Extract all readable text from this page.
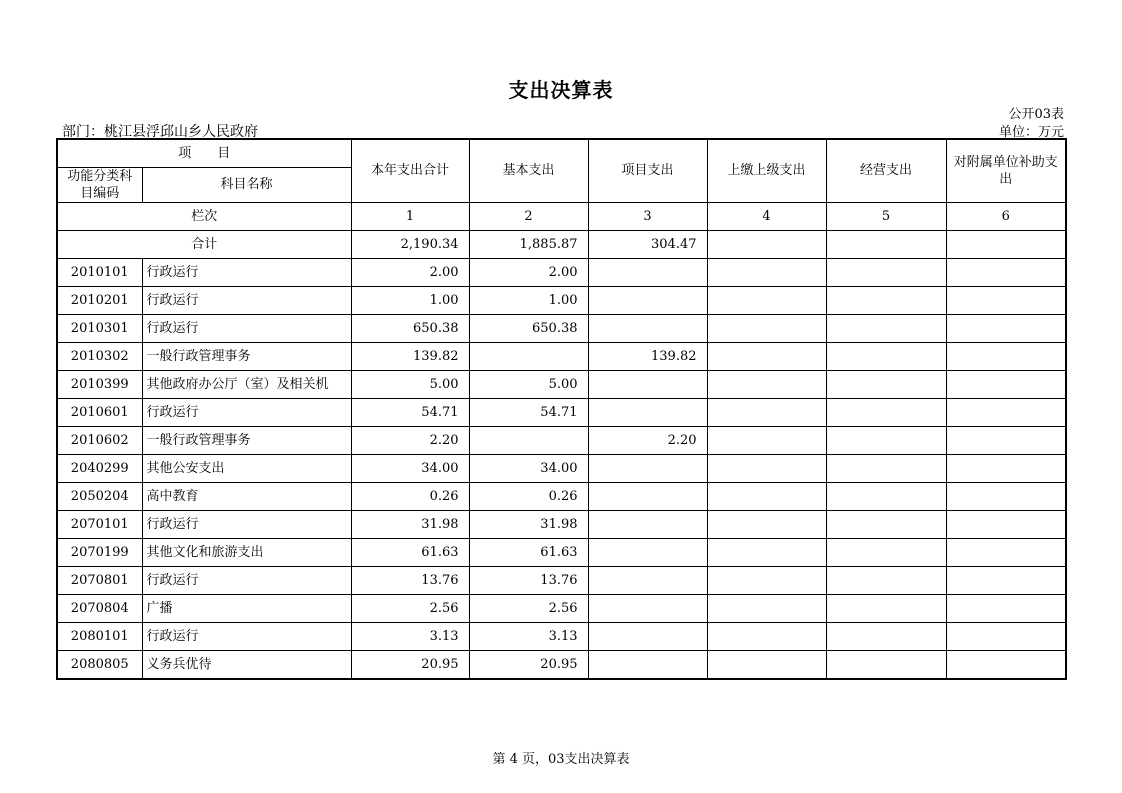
支出决算表
公开03表
部门：桃江县浮邱山乡人民政府	单位：万元
项　　目		本年支出合计	基本支出	项目支出	上缴上级支出	经营支出	对附属单位补助支出
功能分类科目编码	科目名称						
栏次		1	2	3	4	5	6
合计		2,190.34	1,885.87	304.47			
2010101	行政运行	2.00	2.00				
2010201	行政运行	1.00	1.00				
2010301	行政运行	650.38	650.38				
2010302	一般行政管理事务	139.82		139.82			
2010399	其他政府办公厅（室）及相关机	5.00	5.00				
2010601	行政运行	54.71	54.71				
2010602	一般行政管理事务	2.20		2.20			
2040299	其他公安支出	34.00	34.00				
2050204	高中教育	0.26	0.26				
2070101	行政运行	31.98	31.98				
2070199	其他文化和旅游支出	61.63	61.63				
2070801	行政运行	13.76	13.76				
2070804	广播	2.56	2.56				
2080101	行政运行	3.13	3.13				
2080805	义务兵优待	20.95	20.95				
第 4 页，03支出决算表
